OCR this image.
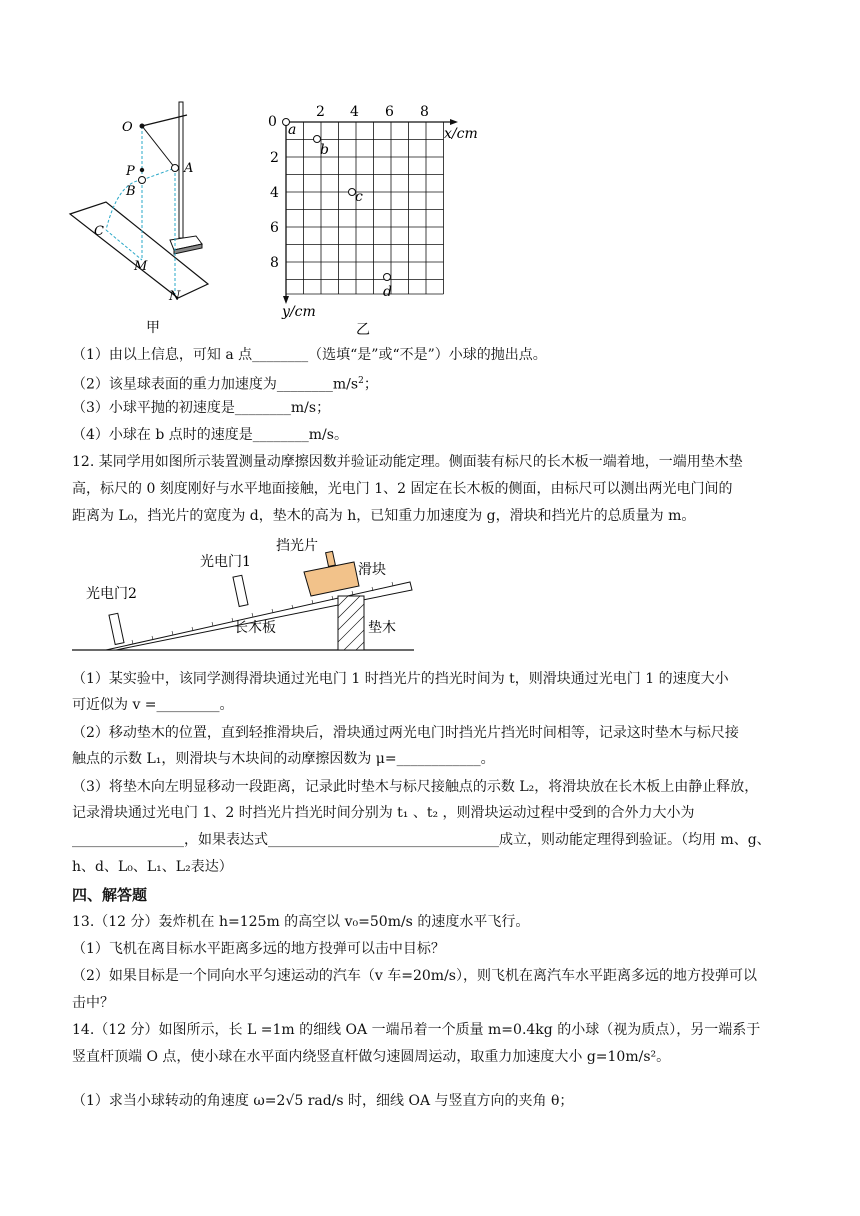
O
P
B
A
C
M
N
甲
0
2 4 6 8
2
4
6
8
x/cm
y/cm
a
b
c
d
乙
（1）由以上信息，可知 a 点________（选填“是”或“不是”）小球的抛出点。
（2）该星球表面的重力加速度为$\_\_\_\_\_\_\_\_m/s^2$；
（3）小球平抛的初速度是________m/s；
（4）小球在 b 点时的速度是________m/s。
12. 某同学用如图所示装置测量动摩擦因数并验证动能定理。侧面装有标尺的长木板一端着地，一端用垫木垫
高，标尺的 0 刻度刚好与水平地面接触，光电门 1、2 固定在长木板的侧面，由标尺可以测出两光电门间的
距离为 L₀，挡光片的宽度为 d，垫木的高为 h，已知重力加速度为 g，滑块和挡光片的总质量为 m。
光电门2
光电门1
挡光片
滑块
长木板	垫木
（1）某实验中，该同学测得滑块通过光电门 1 时挡光片的挡光时间为 t，则滑块通过光电门 1 的速度大小
可近似为 v =_________。
（2）移动垫木的位置，直到轻推滑块后，滑块通过两光电门时挡光片挡光时间相等，记录这时垫木与标尺接
触点的示数 L₁，则滑块与木块间的动摩擦因数为 μ=____________。
（3）将垫木向左明显移动一段距离，记录此时垫木与标尺接触点的示数 L₂，将滑块放在长木板上由静止释放，
记录滑块通过光电门 1、2 时挡光片挡光时间分别为 t₁ 、t₂ ，则滑块运动过程中受到的合外力大小为
________________，如果表达式_________________________________成立，则动能定理得到验证。（均用 m、g、
h、d、L₀、L₁、L₂表达）
四、解答题
13.（12 分）轰炸机在 h=125m 的高空以 v₀=50m/s 的速度水平飞行。
（1）飞机在离目标水平距离多远的地方投弹可以击中目标？
（2）如果目标是一个同向水平匀速运动的汽车（v 车=20m/s），则飞机在离汽车水平距离多远的地方投弹可以
击中？
14.（12 分）如图所示，长 L =1m 的细线 OA 一端吊着一个质量 m=0.4kg 的小球（视为质点），另一端系于
竖直杆顶端 O 点，使小球在水平面内绕竖直杆做匀速圆周运动，取重力加速度大小 g=10m/s²。
（1）求当小球转动的角速度 ω=2√5 rad/s 时，细线 OA 与竖直方向的夹角 θ；
